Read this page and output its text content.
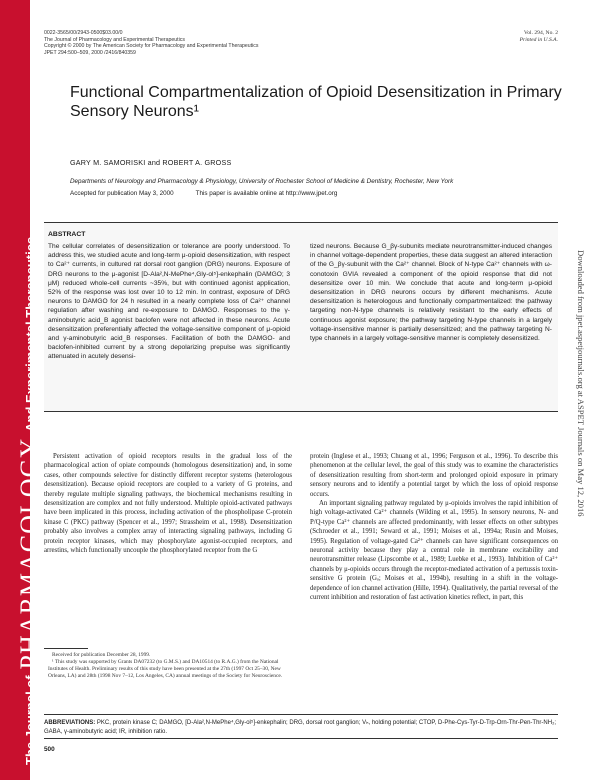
The Journal of
PHARMACOLOGY
And Experimental Therapeutics	Downloaded from jpet.aspetjournals.org at ASPET Journals on May 12, 2016
0022-3565/00/2943-0500$03.00/0
The Journal of Pharmacology and Experimental Therapeutics
Copyright © 2000 by The American Society for Pharmacology and Experimental Therapeutics
JPET 294:500–509, 2000 /2416/840359
Vol. 294, No. 2
Printed in U.S.A.
Functional Compartmentalization of Opioid Desensitization in Primary Sensory Neurons¹
GARY M. SAMORISKI and ROBERT A. GROSS
Departments of Neurology and Pharmacology & Physiology, University of Rochester School of Medicine & Dentistry, Rochester, New York
Accepted for publication May 3, 2000	This paper is available online at http://www.jpet.org
ABSTRACT
The cellular correlates of desensitization or tolerance are poorly understood. To address this, we studied acute and long-term μ-opioid desensitization, with respect to Ca²⁺ currents, in cultured rat dorsal root ganglion (DRG) neurons. Exposure of DRG neurons to the μ-agonist [D-Ala²,N-MePhe⁴,Gly-ol⁵]-enkephalin (DAMGO; 3 μM) reduced whole-cell currents ~35%, but with continued agonist application, 52% of the response was lost over 10 to 12 min. In contrast, exposure of DRG neurons to DAMGO for 24 h resulted in a nearly complete loss of Ca²⁺ channel regulation after washing and re-exposure to DAMGO. Responses to the γ-aminobutyric acid_B agonist baclofen were not affected in these neurons. Acute desensitization preferentially affected the voltage-sensitive component of μ-opioid and γ-aminobutyric acid_B responses. Facilitation of both the DAMGO- and baclofen-inhibited current by a strong depolarizing prepulse was significantly attenuated in acutely desensi-
tized neurons. Because G_βγ-subunits mediate neurotransmitter-induced changes in channel voltage-dependent properties, these data suggest an altered interaction of the G_βγ-subunit with the Ca²⁺ channel. Block of N-type Ca²⁺ channels with ω-conotoxin GVIA revealed a component of the opioid response that did not desensitize over 10 min. We conclude that acute and long-term μ-opioid desensitization in DRG neurons occurs by different mechanisms. Acute desensitization is heterologous and functionally compartmentalized: the pathway targeting non-N-type channels is relatively resistant to the early effects of continuous agonist exposure; the pathway targeting N-type channels in a largely voltage-insensitive manner is partially desensitized; and the pathway targeting N-type channels in a largely voltage-sensitive manner is completely desensitized.

Persistent activation of opioid receptors results in the gradual loss of the pharmacological action of opiate compounds (homologous desensitization) and, in some cases, other compounds selective for distinctly different receptor systems (heterologous desensitization). Because opioid receptors are coupled to a variety of G proteins, and thereby regulate multiple signaling pathways, the biochemical mechanisms resulting in desensitization are complex and not fully understood. Multiple opioid-activated pathways have been implicated in this process, including activation of the phospholipase C-protein kinase C (PKC) pathway (Spencer et al., 1997; Strassheim et al., 1998). Desensitization probably also involves a complex array of interacting signaling pathways, including G protein receptor kinases, which may phosphorylate agonist-occupied receptors, and arrestins, which functionally uncouple the phosphorylated receptor from the G

protein (Inglese et al., 1993; Chuang et al., 1996; Ferguson et al., 1996). To describe this phenomenon at the cellular level, the goal of this study was to examine the characteristics of desensitization resulting from short-term and prolonged opioid exposure in primary sensory neurons and to identify a potential target by which the loss of opioid response occurs.

An important signaling pathway regulated by μ-opioids involves the rapid inhibition of high voltage-activated Ca²⁺ channels (Wilding et al., 1995). In sensory neurons, N- and P/Q-type Ca²⁺ channels are affected predominantly, with lesser effects on other subtypes (Schroeder et al., 1991; Seward et al., 1991; Moises et al., 1994a; Rusin and Moises, 1995). Regulation of voltage-gated Ca²⁺ channels can have significant consequences on neuronal activity because they play a central role in membrane excitability and neurotransmitter release (Lipscombe et al., 1989; Luebke et al., 1993). Inhibition of Ca²⁺ channels by μ-opioids occurs through the receptor-mediated activation of a pertussis toxin-sensitive G protein (Gₒ; Moises et al., 1994b), resulting in a shift in the voltage-dependence of ion channel activation (Hille, 1994). Qualitatively, the partial reversal of the current inhibition and restoration of fast activation kinetics reflect, in part, this

Received for publication December 28, 1999.

¹ This study was supported by Grants DA07232 (to G.M.S.) and DA10514 (to R.A.G.) from the National Institutes of Health. Preliminary results of this study have been presented at the 27th (1997 Oct 25–30, New Orleans, LA) and 28th (1998 Nov 7–12, Los Angeles, CA) annual meetings of the Society for Neuroscience.

ABBREVIATIONS: PKC, protein kinase C; DAMGO, [D-Ala²,N-MePhe⁴,Gly-ol⁵]-enkephalin; DRG, dorsal root ganglion; Vₕ, holding potential; CTOP, D-Phe-Cys-Tyr-D-Trp-Orn-Thr-Pen-Thr-NH₂; GABA, γ-aminobutyric acid; IR, inhibition ratio.
500
